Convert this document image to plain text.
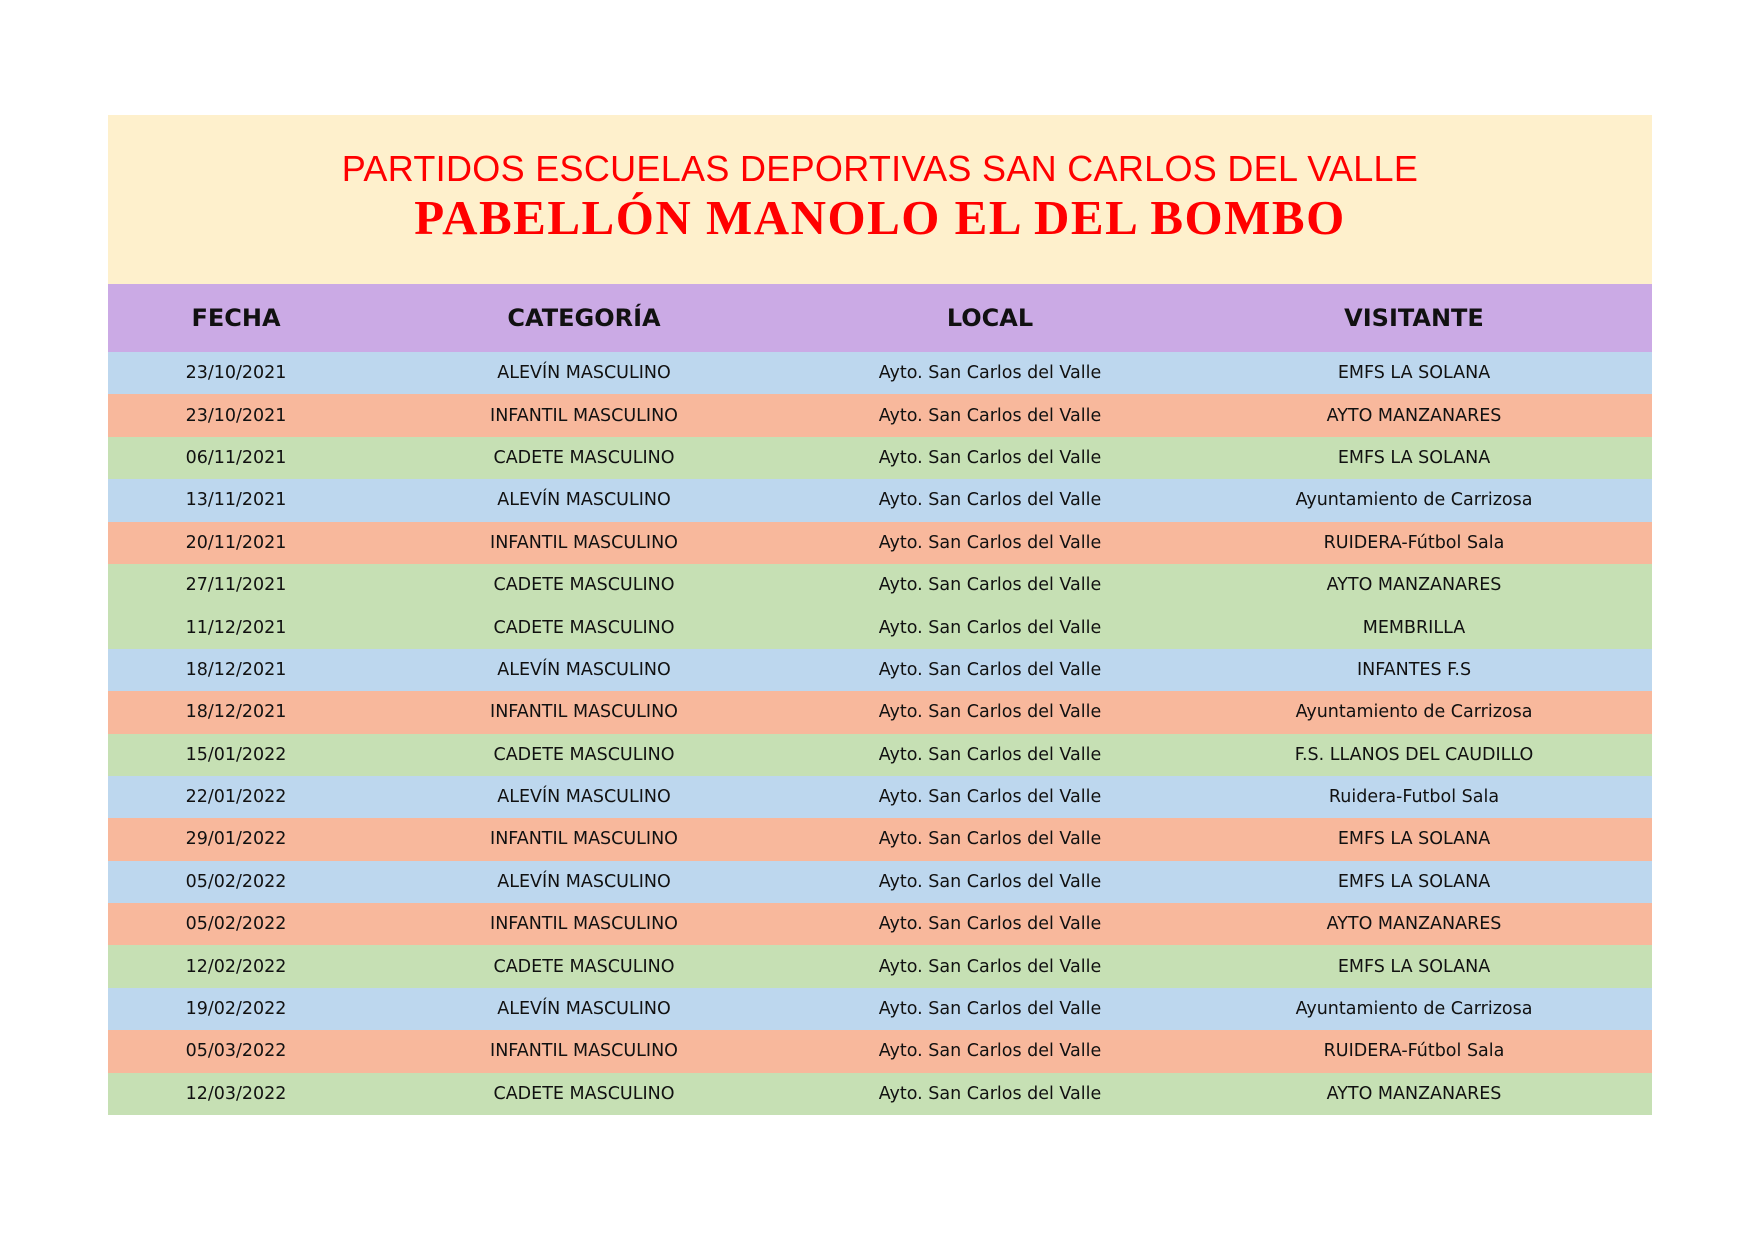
PARTIDOS ESCUELAS DEPORTIVAS SAN CARLOS DEL VALLE
PABELLÓN MANOLO EL DEL BOMBO
FECHA	CATEGORÍA	LOCAL	VISITANTE
23/10/2021	ALEVÍN MASCULINO	Ayto. San Carlos del Valle	EMFS LA SOLANA
23/10/2021	INFANTIL MASCULINO	Ayto. San Carlos del Valle	AYTO MANZANARES
06/11/2021	CADETE MASCULINO	Ayto. San Carlos del Valle	EMFS LA SOLANA
13/11/2021	ALEVÍN MASCULINO	Ayto. San Carlos del Valle	Ayuntamiento de Carrizosa
20/11/2021	INFANTIL MASCULINO	Ayto. San Carlos del Valle	RUIDERA-Fútbol Sala
27/11/2021	CADETE MASCULINO	Ayto. San Carlos del Valle	AYTO MANZANARES
11/12/2021	CADETE MASCULINO	Ayto. San Carlos del Valle	MEMBRILLA
18/12/2021	ALEVÍN MASCULINO	Ayto. San Carlos del Valle	INFANTES F.S
18/12/2021	INFANTIL MASCULINO	Ayto. San Carlos del Valle	Ayuntamiento de Carrizosa
15/01/2022	CADETE MASCULINO	Ayto. San Carlos del Valle	F.S. LLANOS DEL CAUDILLO
22/01/2022	ALEVÍN MASCULINO	Ayto. San Carlos del Valle	Ruidera-Futbol Sala
29/01/2022	INFANTIL MASCULINO	Ayto. San Carlos del Valle	EMFS LA SOLANA
05/02/2022	ALEVÍN MASCULINO	Ayto. San Carlos del Valle	EMFS LA SOLANA
05/02/2022	INFANTIL MASCULINO	Ayto. San Carlos del Valle	AYTO MANZANARES
12/02/2022	CADETE MASCULINO	Ayto. San Carlos del Valle	EMFS LA SOLANA
19/02/2022	ALEVÍN MASCULINO	Ayto. San Carlos del Valle	Ayuntamiento de Carrizosa
05/03/2022	INFANTIL MASCULINO	Ayto. San Carlos del Valle	RUIDERA-Fútbol Sala
12/03/2022	CADETE MASCULINO	Ayto. San Carlos del Valle	AYTO MANZANARES
